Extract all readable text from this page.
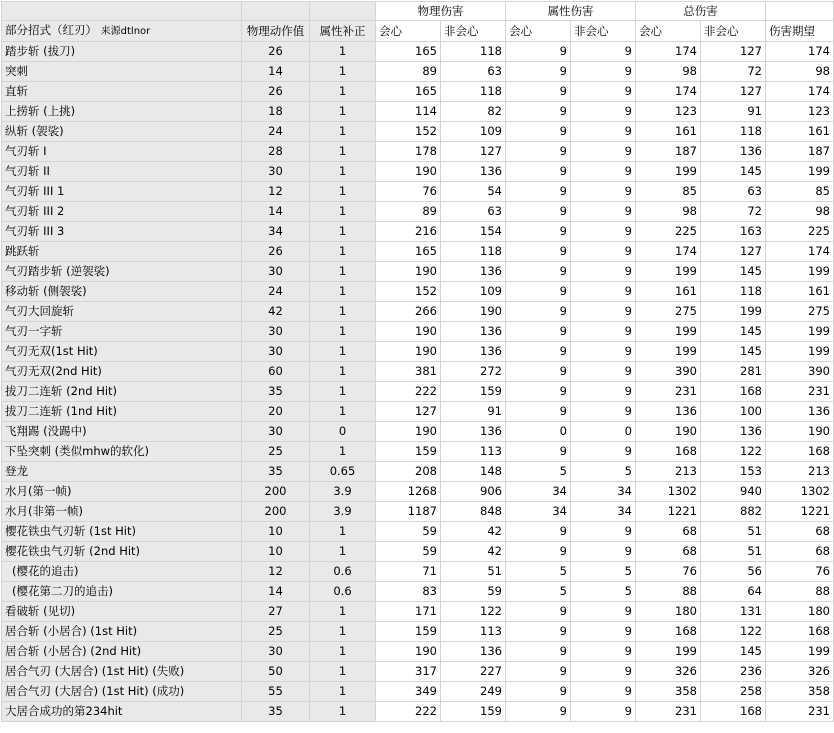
			物理伤害		属性伤害		总伤害		
部分招式（红刃） 来源dtlnor	物理动作值	属性补正	会心	非会心	会心	非会心	会心	非会心	伤害期望
踏步斩 (拔刀)	26	1	165	118	9	9	174	127	174
突刺	14	1	89	63	9	9	98	72	98
直斩	26	1	165	118	9	9	174	127	174
上捞斩 (上挑)	18	1	114	82	9	9	123	91	123
纵斩 (袈裟)	24	1	152	109	9	9	161	118	161
气刃斩 I	28	1	178	127	9	9	187	136	187
气刃斩 II	30	1	190	136	9	9	199	145	199
气刃斩 III 1	12	1	76	54	9	9	85	63	85
气刃斩 III 2	14	1	89	63	9	9	98	72	98
气刃斩 III 3	34	1	216	154	9	9	225	163	225
跳跃斩	26	1	165	118	9	9	174	127	174
气刃踏步斩 (逆袈裟)	30	1	190	136	9	9	199	145	199
移动斩 (侧袈裟)	24	1	152	109	9	9	161	118	161
气刃大回旋斩	42	1	266	190	9	9	275	199	275
气刃一字斩	30	1	190	136	9	9	199	145	199
气刃无双(1st Hit)	30	1	190	136	9	9	199	145	199
气刃无双(2nd Hit)	60	1	381	272	9	9	390	281	390
拔刀二连斩 (2nd Hit)	35	1	222	159	9	9	231	168	231
拔刀二连斩 (1nd Hit)	20	1	127	91	9	9	136	100	136
飞翔踢 (没踢中)	30	0	190	136	0	0	190	136	190
下坠突刺 (类似mhw的软化)	25	1	159	113	9	9	168	122	168
登龙	35	0.65	208	148	5	5	213	153	213
水月(第一帧)	200	3.9	1268	906	34	34	1302	940	1302
水月(非第一帧)	200	3.9	1187	848	34	34	1221	882	1221
樱花铁虫气刃斩 (1st Hit)	10	1	59	42	9	9	68	51	68
樱花铁虫气刃斩 (2nd Hit)	10	1	59	42	9	9	68	51	68
(樱花的追击)	12	0.6	71	51	5	5	76	56	76
(樱花第二刀的追击)	14	0.6	83	59	5	5	88	64	88
看破斩 (见切)	27	1	171	122	9	9	180	131	180
居合斩 (小居合) (1st Hit)	25	1	159	113	9	9	168	122	168
居合斩 (小居合) (2nd Hit)	30	1	190	136	9	9	199	145	199
居合气刃 (大居合) (1st Hit) (失败)	50	1	317	227	9	9	326	236	326
居合气刃 (大居合) (1st Hit) (成功)	55	1	349	249	9	9	358	258	358
大居合成功的第234hit	35	1	222	159	9	9	231	168	231
